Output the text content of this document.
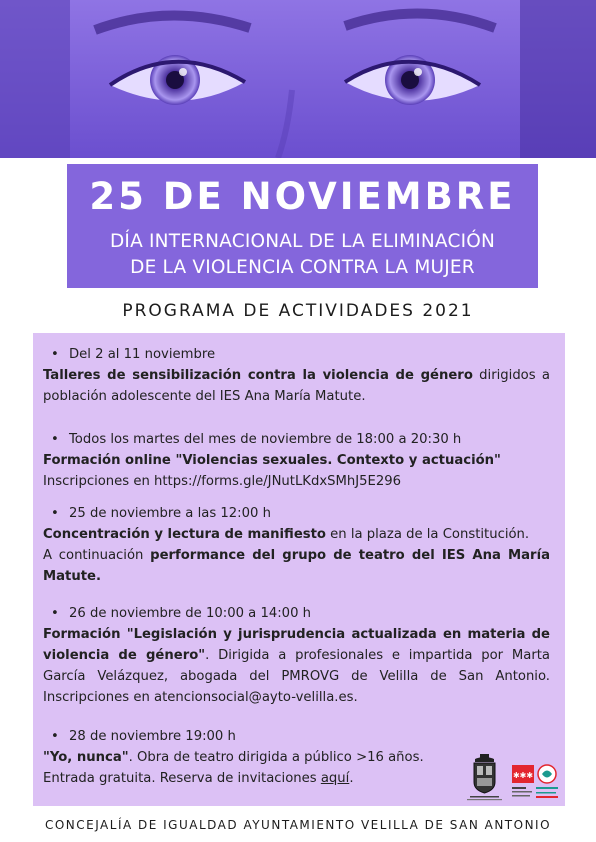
25 DE NOVIEMBRE
DÍA INTERNACIONAL DE LA ELIMINACIÓN
DE LA VIOLENCIA CONTRA LA MUJER
PROGRAMA DE ACTIVIDADES 2021
• Del 2 al 11 noviembre

Talleres de sensibilización contra la violencia de género dirigidos a población adolescente del IES Ana María Matute.

• Todos los martes del mes de noviembre de 18:00 a 20:30 h

Formación online "Violencias sexuales. Contexto y actuación"

Inscripciones en https://forms.gle/JNutLKdxSMhJ5E296

• 25 de noviembre a las 12:00 h

Concentración y lectura de manifiesto en la plaza de la Constitución.

A continuación performance del grupo de teatro del IES Ana María Matute.

• 26 de noviembre de 10:00 a 14:00 h

Formación "Legislación y jurisprudencia actualizada en materia de violencia de género". Dirigida a profesionales e impartida por Marta García Velázquez, abogada del PMROVG de Velilla de San Antonio. Inscripciones en atencionsocial@ayto-velilla.es.

• 28 de noviembre 19:00 h

"Yo, nunca". Obra de teatro dirigida a público >16 años.

Entrada gratuita. Reserva de invitaciones aquí.	✱✱✱
CONCEJALÍA DE IGUALDAD AYUNTAMIENTO VELILLA DE SAN ANTONIO
